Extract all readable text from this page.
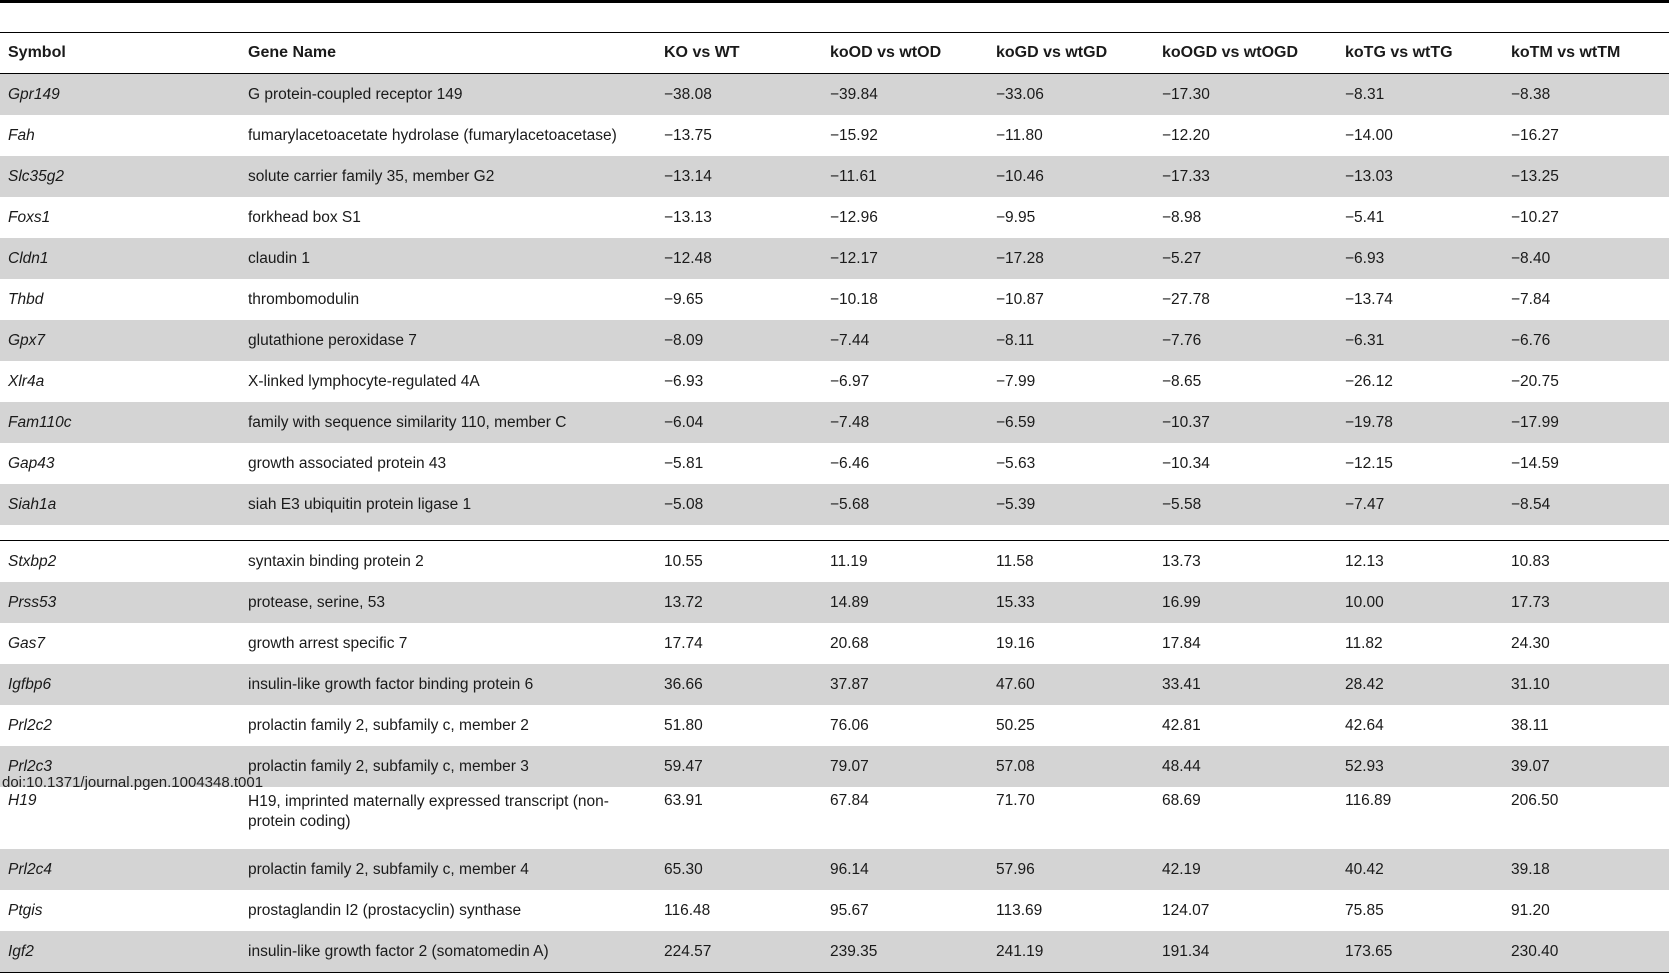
Symbol	Gene Name	KO vs WT	koOD vs wtOD	koGD vs wtGD	koOGD vs wtOGD	koTG vs wtTG	koTM vs wtTM
Gpr149	G protein-coupled receptor 149	−38.08	−39.84	−33.06	−17.30	−8.31	−8.38
Fah	fumarylacetoacetate hydrolase (fumarylacetoacetase)	−13.75	−15.92	−11.80	−12.20	−14.00	−16.27
Slc35g2	solute carrier family 35, member G2	−13.14	−11.61	−10.46	−17.33	−13.03	−13.25
Foxs1	forkhead box S1	−13.13	−12.96	−9.95	−8.98	−5.41	−10.27
Cldn1	claudin 1	−12.48	−12.17	−17.28	−5.27	−6.93	−8.40
Thbd	thrombomodulin	−9.65	−10.18	−10.87	−27.78	−13.74	−7.84
Gpx7	glutathione peroxidase 7	−8.09	−7.44	−8.11	−7.76	−6.31	−6.76
Xlr4a	X-linked lymphocyte-regulated 4A	−6.93	−6.97	−7.99	−8.65	−26.12	−20.75
Fam110c	family with sequence similarity 110, member C	−6.04	−7.48	−6.59	−10.37	−19.78	−17.99
Gap43	growth associated protein 43	−5.81	−6.46	−5.63	−10.34	−12.15	−14.59
Siah1a	siah E3 ubiquitin protein ligase 1	−5.08	−5.68	−5.39	−5.58	−7.47	−8.54

Stxbp2	syntaxin binding protein 2	10.55	11.19	11.58	13.73	12.13	10.83
Prss53	protease, serine, 53	13.72	14.89	15.33	16.99	10.00	17.73
Gas7	growth arrest specific 7	17.74	20.68	19.16	17.84	11.82	24.30
Igfbp6	insulin-like growth factor binding protein 6	36.66	37.87	47.60	33.41	28.42	31.10
Prl2c2	prolactin family 2, subfamily c, member 2	51.80	76.06	50.25	42.81	42.64	38.11
Prl2c3	prolactin family 2, subfamily c, member 3	59.47	79.07	57.08	48.44	52.93	39.07
H19	H19, imprinted maternally expressed transcript (non-protein coding)	63.91	67.84	71.70	68.69	116.89	206.50
Prl2c4	prolactin family 2, subfamily c, member 4	65.30	96.14	57.96	42.19	40.42	39.18
Ptgis	prostaglandin I2 (prostacyclin) synthase	116.48	95.67	113.69	124.07	75.85	91.20
Igf2	insulin-like growth factor 2 (somatomedin A)	224.57	239.35	241.19	191.34	173.65	230.40
doi:10.1371/journal.pgen.1004348.t001
